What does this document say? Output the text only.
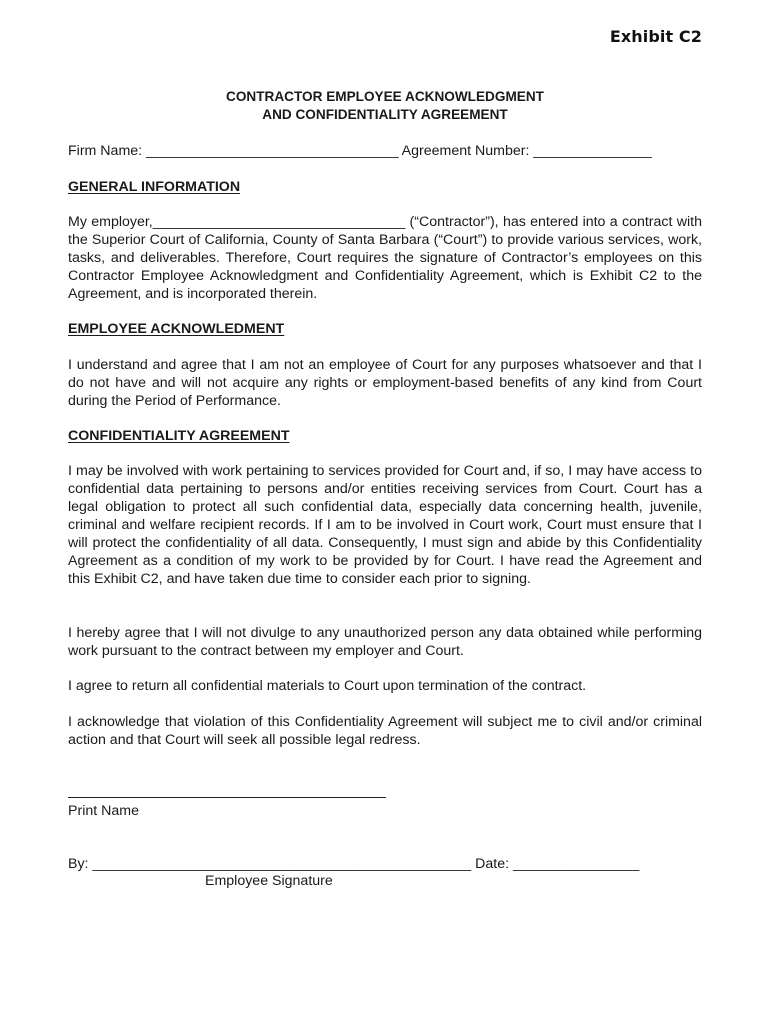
Exhibit C2
CONTRACTOR EMPLOYEE ACKNOWLEDGMENT
AND CONFIDENTIALITY AGREEMENT
Firm Name: ________________________________ Agreement Number: _______________
GENERAL INFORMATION

My employer,________________________________ (“Contractor”), has entered into a contract with the Superior Court of California, County of Santa Barbara (“Court”) to provide various services, work, tasks, and deliverables. Therefore, Court requires the signature of Contractor’s employees on this Contractor Employee Acknowledgment and Confidentiality Agreement, which is Exhibit C2 to the Agreement, and is incorporated therein.

EMPLOYEE ACKNOWLEDMENT

I understand and agree that I am not an employee of Court for any purposes whatsoever and that I do not have and will not acquire any rights or employment-based benefits of any kind from Court during the Period of Performance.

CONFIDENTIALITY AGREEMENT

I may be involved with work pertaining to services provided for Court and, if so, I may have access to confidential data pertaining to persons and/or entities receiving services from Court. Court has a legal obligation to protect all such confidential data, especially data concerning health, juvenile, criminal and welfare recipient records. If I am to be involved in Court work, Court must ensure that I will protect the confidentiality of all data. Consequently, I must sign and abide by this Confidentiality Agreement as a condition of my work to be provided by for Court. I have read the Agreement and this Exhibit C2, and have taken due time to consider each prior to signing.

I hereby agree that I will not divulge to any unauthorized person any data obtained while performing work pursuant to the contract between my employer and Court.

I agree to return all confidential materials to Court upon termination of the contract.

I acknowledge that violation of this Confidentiality Agreement will subject me to civil and/or criminal action and that Court will seek all possible legal redress.

Print Name
By: ________________________________________________ Date: ________________
Employee Signature
